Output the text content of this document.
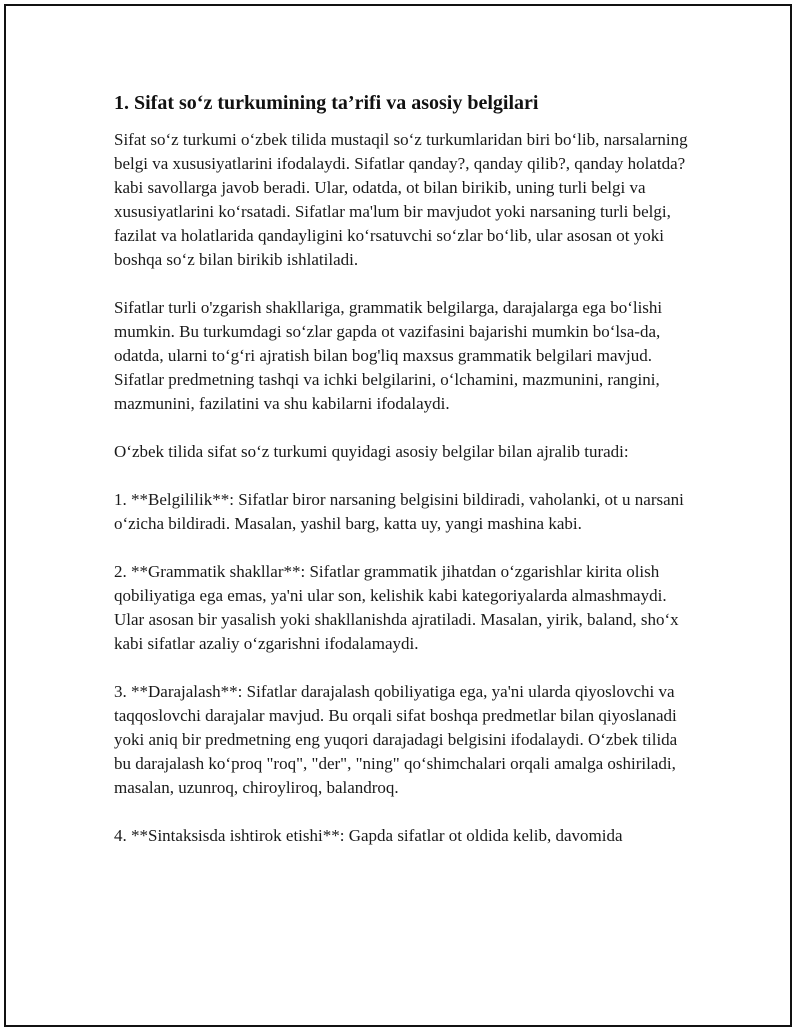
1. Sifat so‘z turkumining ta’rifi va asosiy belgilari

Sifat so‘z turkumi o‘zbek tilida mustaqil so‘z turkumlaridan biri bo‘lib, narsalarning belgi va xususiyatlarini ifodalaydi. Sifatlar qanday?, qanday qilib?, qanday holatda? kabi savollarga javob beradi. Ular, odatda, ot bilan birikib, uning turli belgi va xususiyatlarini ko‘rsatadi. Sifatlar ma'lum bir mavjudot yoki narsaning turli belgi, fazilat va holatlarida qandayligini ko‘rsatuvchi so‘zlar bo‘lib, ular asosan ot yoki boshqa so‘z bilan birikib ishlatiladi.

Sifatlar turli o'zgarish shakllariga, grammatik belgilarga, darajalarga ega bo‘lishi mumkin. Bu turkumdagi so‘zlar gapda ot vazifasini bajarishi mumkin bo‘lsa-da, odatda, ularni to‘g‘ri ajratish bilan bog'liq maxsus grammatik belgilari mavjud. Sifatlar predmetning tashqi va ichki belgilarini, o‘lchamini, mazmunini, rangini, mazmunini, fazilatini va shu kabilarni ifodalaydi.

O‘zbek tilida sifat so‘z turkumi quyidagi asosiy belgilar bilan ajralib turadi:

1. **Belgililik**: Sifatlar biror narsaning belgisini bildiradi, vaholanki, ot u narsani o‘zicha bildiradi. Masalan, yashil barg, katta uy, yangi mashina kabi.

2. **Grammatik shakllar**: Sifatlar grammatik jihatdan o‘zgarishlar kirita olish qobiliyatiga ega emas, ya'ni ular son, kelishik kabi kategoriyalarda almashmaydi. Ular asosan bir yasalish yoki shakllanishda ajratiladi. Masalan, yirik, baland, sho‘x kabi sifatlar azaliy o‘zgarishni ifodalamaydi.

3. **Darajalash**: Sifatlar darajalash qobiliyatiga ega, ya'ni ularda qiyoslovchi va taqqoslovchi darajalar mavjud. Bu orqali sifat boshqa predmetlar bilan qiyoslanadi yoki aniq bir predmetning eng yuqori darajadagi belgisini ifodalaydi. O‘zbek tilida bu darajalash ko‘proq "roq", "der", "ning" qo‘shimchalari orqali amalga oshiriladi, masalan, uzunroq, chiroyliroq, balandroq.

4. **Sintaksisda ishtirok etishi**: Gapda sifatlar ot oldida kelib, davomida
